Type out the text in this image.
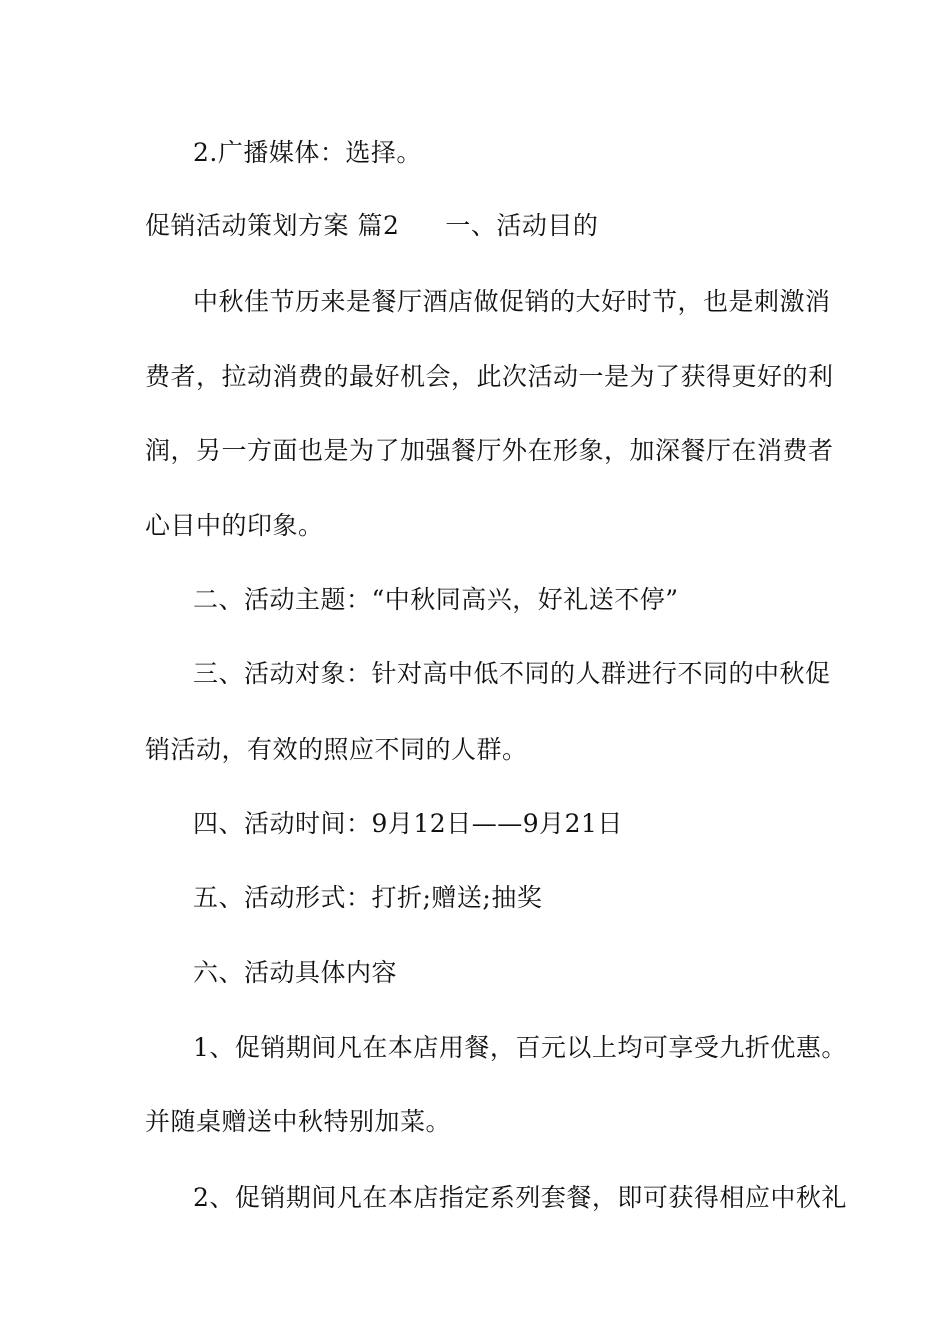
2.广播媒体：选择。
促销活动策划方案 篇2 一、活动目的
中秋佳节历来是餐厅酒店做促销的大好时节，也是刺激消
费者，拉动消费的最好机会，此次活动一是为了获得更好的利
润，另一方面也是为了加强餐厅外在形象，加深餐厅在消费者
心目中的印象。
二、活动主题：“中秋同高兴，好礼送不停”
三、活动对象：针对高中低不同的人群进行不同的中秋促
销活动，有效的照应不同的人群。
四、活动时间：9月12日——9月21日
五、活动形式：打折;赠送;抽奖
六、活动具体内容
1、促销期间凡在本店用餐，百元以上均可享受九折优惠。
并随桌赠送中秋特别加菜。
2、促销期间凡在本店指定系列套餐，即可获得相应中秋礼
